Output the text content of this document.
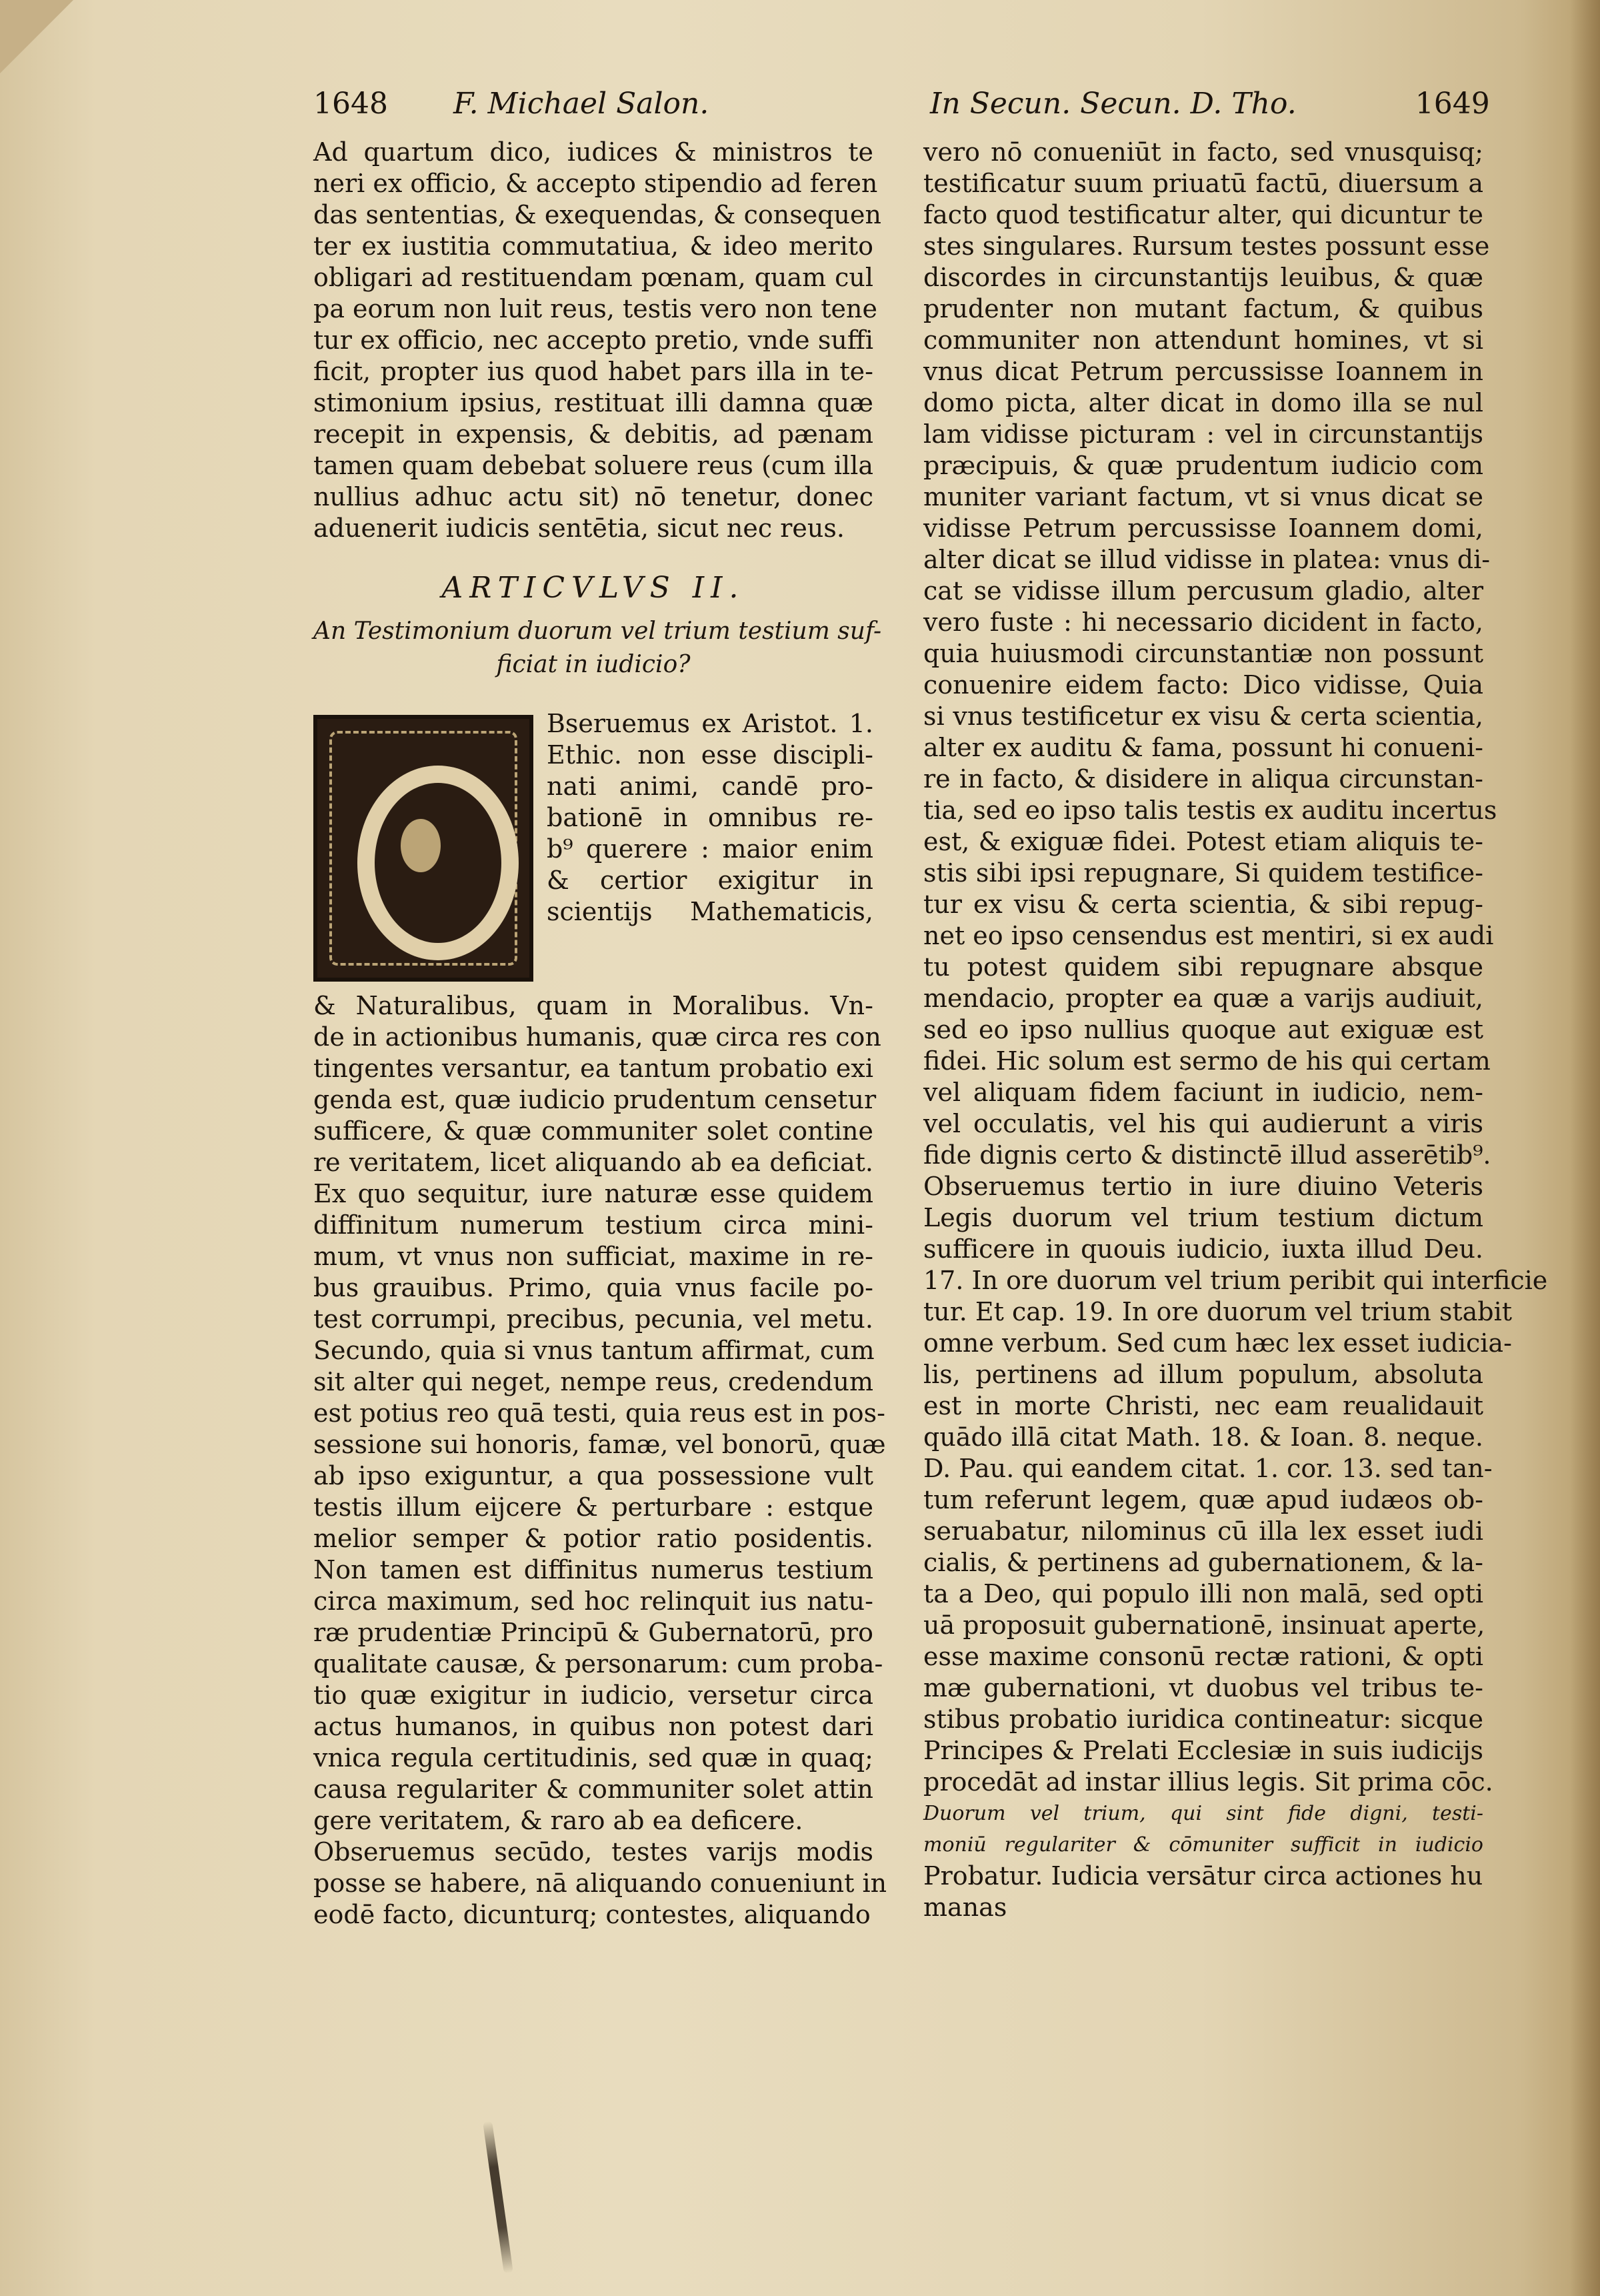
1648 F. Michael Salon.	In Secun. Secun. D. Tho.	1649
Ad quartum dico, iudices & ministros te
neri ex officio, & accepto stipendio ad feren
das sententias, & exequendas, & consequen
ter ex iustitia commutatiua, & ideo merito
obligari ad restituendam pœnam, quam cul
pa eorum non luit reus, testis vero non tene
tur ex officio, nec accepto pretio, vnde suffi
ficit, propter ius quod habet pars illa in te-
stimonium ipsius, restituat illi damna quæ
recepit in expensis, & debitis, ad pænam
tamen quam debebat soluere reus (cum illa
nullius adhuc actu sit) nō tenetur, donec
aduenerit iudicis sentētia, sicut nec reus.
ARTICVLVS II.
An Testimonium duorum vel trium testium suf-
ficiat in iudicio?
Bseruemus ex Aristot. 1.
Ethic. non esse discipli-
nati animi, candē pro-
bationē in omnibus re-
b⁹ querere : maior enim
& certior exigitur in
scientijs Mathematicis,
& Naturalibus, quam in Moralibus. Vn-
de in actionibus humanis, quæ circa res con
tingentes versantur, ea tantum probatio exi
genda est, quæ iudicio prudentum censetur
sufficere, & quæ communiter solet contine
re veritatem, licet aliquando ab ea deficiat.
Ex quo sequitur, iure naturæ esse quidem
diffinitum numerum testium circa mini-
mum, vt vnus non sufficiat, maxime in re-
bus grauibus. Primo, quia vnus facile po-
test corrumpi, precibus, pecunia, vel metu.
Secundo, quia si vnus tantum affirmat, cum
sit alter qui neget, nempe reus, credendum
est potius reo quā testi, quia reus est in pos-
sessione sui honoris, famæ, vel bonorū, quæ
ab ipso exiguntur, a qua possessione vult
testis illum eijcere & perturbare : estque
melior semper & potior ratio posidentis.
Non tamen est diffinitus numerus testium
circa maximum, sed hoc relinquit ius natu-
ræ prudentiæ Principū & Gubernatorū, pro
qualitate causæ, & personarum: cum proba-
tio quæ exigitur in iudicio, versetur circa
actus humanos, in quibus non potest dari
vnica regula certitudinis, sed quæ in quaq;
causa regulariter & communiter solet attin
gere veritatem, & raro ab ea deficere.
Obseruemus secūdo, testes varijs modis
posse se habere, nā aliquando conueniunt in
eodē facto, dicunturq; contestes, aliquando
vero nō conueniūt in facto, sed vnusquisq;
testificatur suum priuatū factū, diuersum a
facto quod testificatur alter, qui dicuntur te
stes singulares. Rursum testes possunt esse
discordes in circunstantijs leuibus, & quæ
prudenter non mutant factum, & quibus
communiter non attendunt homines, vt si
vnus dicat Petrum percussisse Ioannem in
domo picta, alter dicat in domo illa se nul
lam vidisse picturam : vel in circunstantijs
præcipuis, & quæ prudentum iudicio com
muniter variant factum, vt si vnus dicat se
vidisse Petrum percussisse Ioannem domi,
alter dicat se illud vidisse in platea: vnus di-
cat se vidisse illum percusum gladio, alter
vero fuste : hi necessario dicident in facto,
quia huiusmodi circunstantiæ non possunt
conuenire eidem facto: Dico vidisse, Quia
si vnus testificetur ex visu & certa scientia,
alter ex auditu & fama, possunt hi conueni-
re in facto, & disidere in aliqua circunstan-
tia, sed eo ipso talis testis ex auditu incertus
est, & exiguæ fidei. Potest etiam aliquis te-
stis sibi ipsi repugnare, Si quidem testifice-
tur ex visu & certa scientia, & sibi repug-
net eo ipso censendus est mentiri, si ex audi
tu potest quidem sibi repugnare absque
mendacio, propter ea quæ a varijs audiuit,
sed eo ipso nullius quoque aut exiguæ est
fidei. Hic solum est sermo de his qui certam
vel aliquam fidem faciunt in iudicio, nem-
vel occulatis, vel his qui audierunt a viris
fide dignis certo & distinctē illud asserētib⁹.
Obseruemus tertio in iure diuino Veteris
Legis duorum vel trium testium dictum
sufficere in quouis iudicio, iuxta illud Deu.
17. In ore duorum vel trium peribit qui interficie
tur. Et cap. 19. In ore duorum vel trium stabit
omne verbum. Sed cum hæc lex esset iudicia-
lis, pertinens ad illum populum, absoluta
est in morte Christi, nec eam reualidauit
quādo illā citat Math. 18. & Ioan. 8. neque.
D. Pau. qui eandem citat. 1. cor. 13. sed tan-
tum referunt legem, quæ apud iudæos ob-
seruabatur, nilominus cū illa lex esset iudi
cialis, & pertinens ad gubernationem, & la-
ta a Deo, qui populo illi non malā, sed opti
uā proposuit gubernationē, insinuat aperte,
esse maxime consonū rectæ rationi, & opti
mæ gubernationi, vt duobus vel tribus te-
stibus probatio iuridica contineatur: sicque
Principes & Prelati Ecclesiæ in suis iudicijs
procedāt ad instar illius legis. Sit prima cōc.
Duorum vel trium, qui sint fide digni, testi-
moniū regulariter & cōmuniter sufficit in iudicio
Probatur. Iudicia versātur circa actiones hu
manas
